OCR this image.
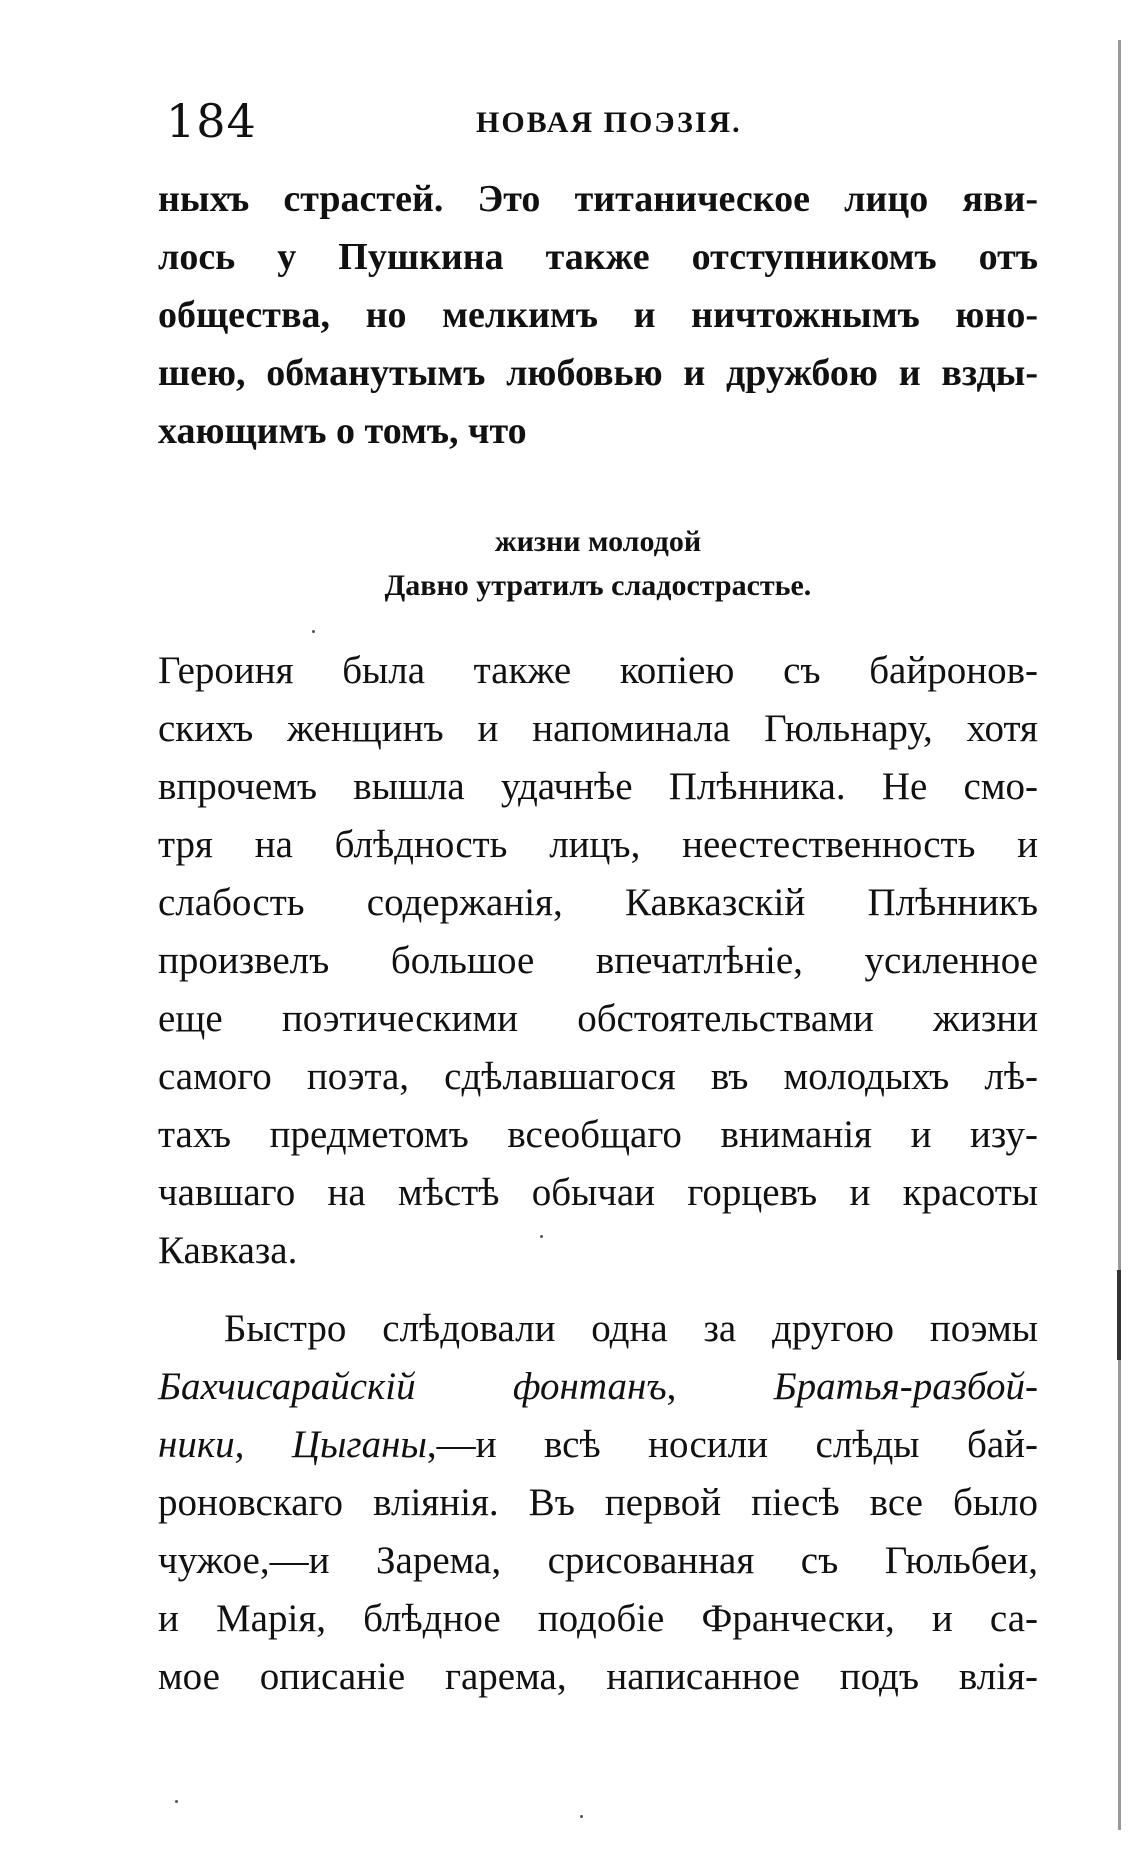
184	НОВАЯ ПОЭЗІЯ.
ныхъ страстей. Это титаническое лицо яви-
лось у Пушкина также отступникомъ отъ
общества, но мелкимъ и ничтожнымъ юно-
шею, обманутымъ любовью и дружбою и взды-
хающимъ о томъ, что
жизни молодой
Давно утратилъ сладострастье.
Героиня была также копіею съ байронов-
скихъ женщинъ и напоминала Гюльнару, хотя
впрочемъ вышла удачнѣе Плѣнника. Не смо-
тря на блѣдность лицъ, неестественность и
слабость содержанія, Кавказскій Плѣнникъ
произвелъ большое впечатлѣніе, усиленное
еще поэтическими обстоятельствами жизни
самого поэта, сдѣлавшагося въ молодыхъ лѣ-
тахъ предметомъ всеобщаго вниманія и изу-
чавшаго на мѣстѣ обычаи горцевъ и красоты
Кавказа.
Быстро слѣдовали одна за другою поэмы
Бахчисарайскій фонтанъ, Братья-разбой-
ники, Цыганы,—и всѣ носили слѣды бай-
роновскаго вліянія. Въ первой піесѣ все было
чужое,—и Зарема, срисованная съ Гюльбеи,
и Марія, блѣдное подобіе Франчески, и са-
мое описаніе гарема, написанное подъ влія-
